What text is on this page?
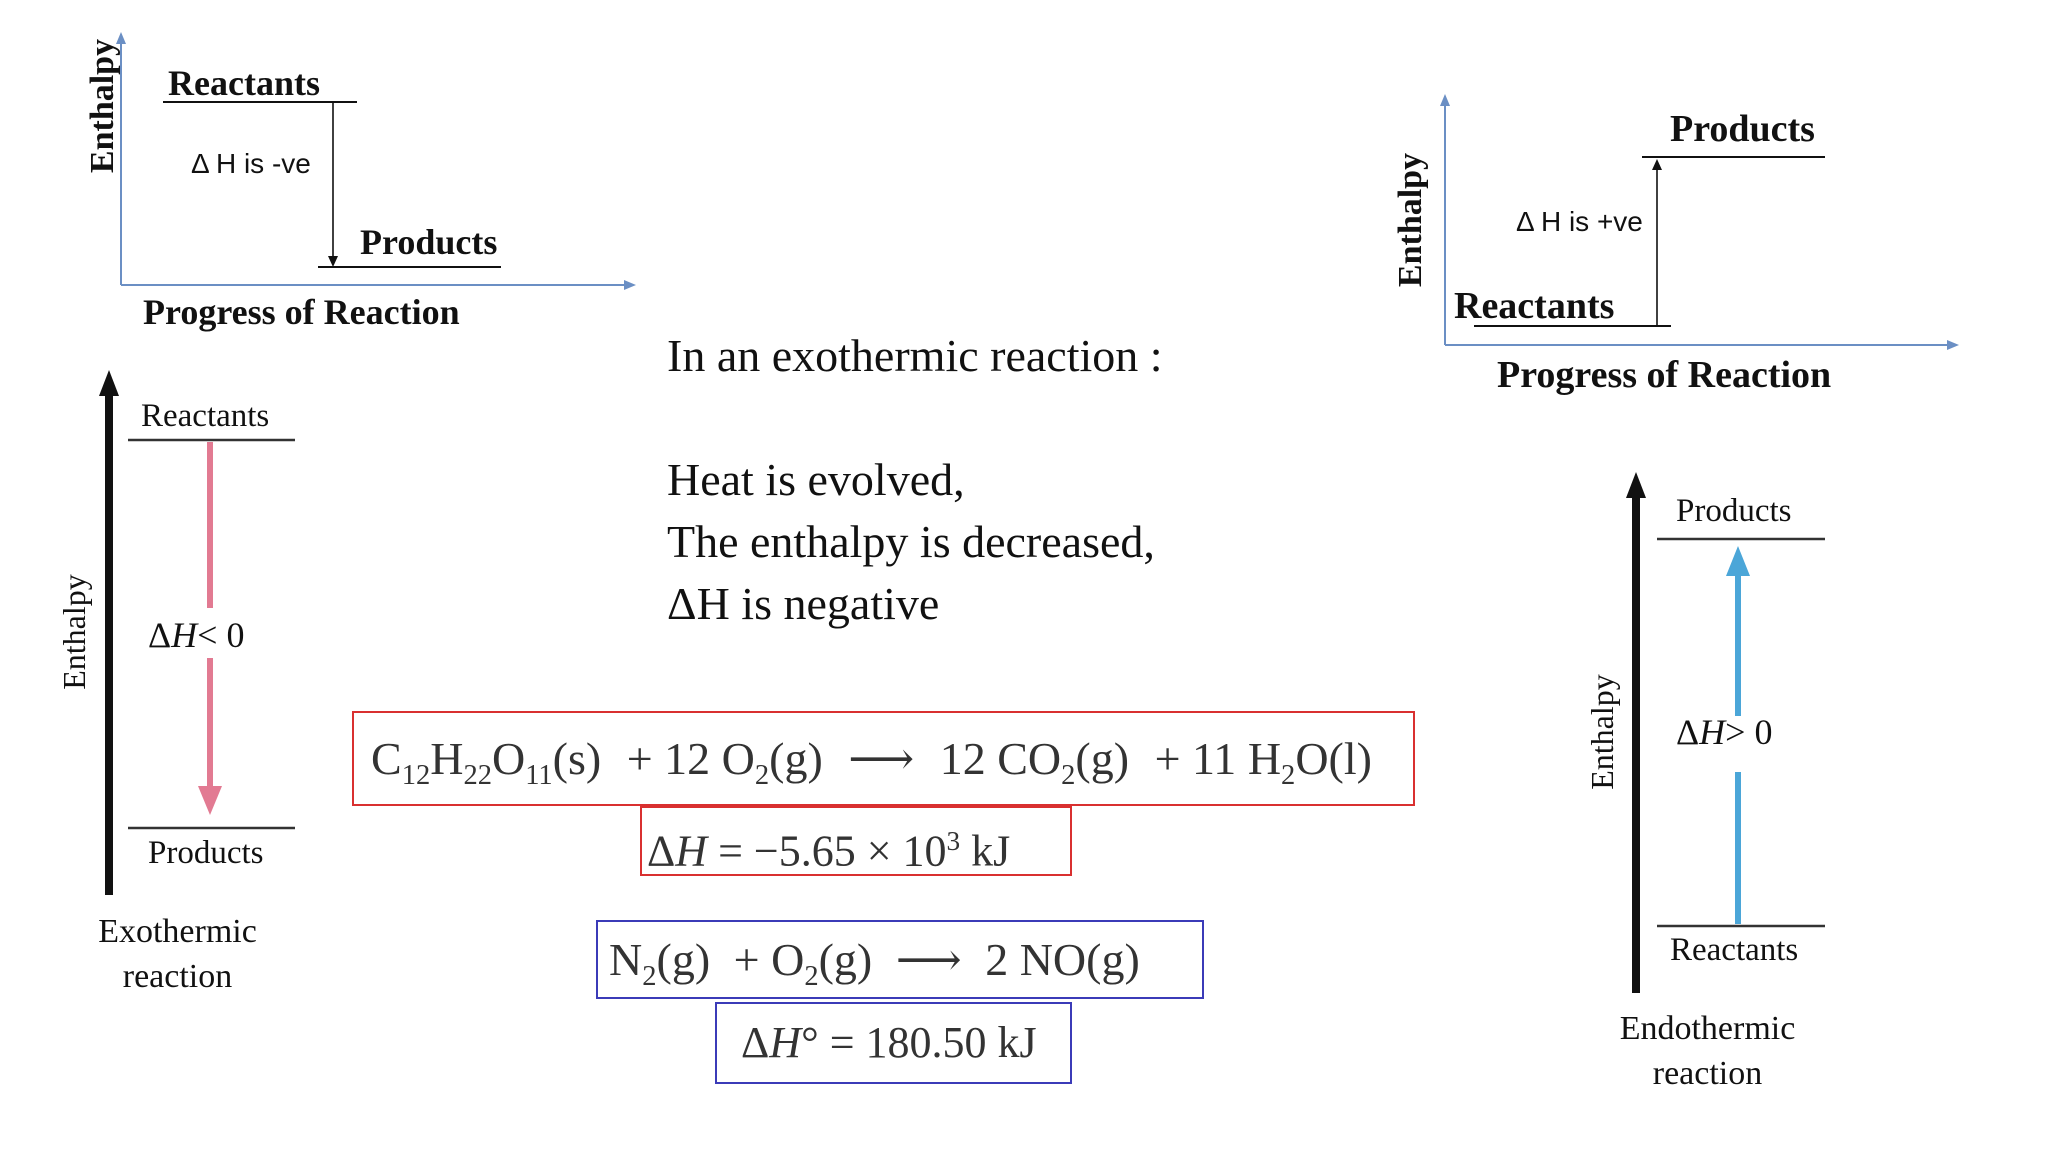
Reactants
Products
Δ H is -ve
Progress of Reaction
Enthalpy	Products
Reactants
Δ H is +ve
Progress of Reaction
Enthalpy
Reactants
Products
ΔH< 0
Enthalpy
Exothermic
reaction
Products
Reactants
ΔH> 0
Enthalpy
Endothermic
reaction
In an exothermic reaction :
Heat is evolved,
The enthalpy is decreased,
ΔH is negative
$C_{12}H_{22}O_{11}(s) + 12$ $O_2(g)$ ⟶ 12 $CO_2(g) + 11$ $H_2O(l)$
$\Delta H = -5.65 \times 10^3$ kJ
$N_2(g) + O_2(g)$ ⟶ 2 NO(g)
ΔH° = 180.50 kJ
